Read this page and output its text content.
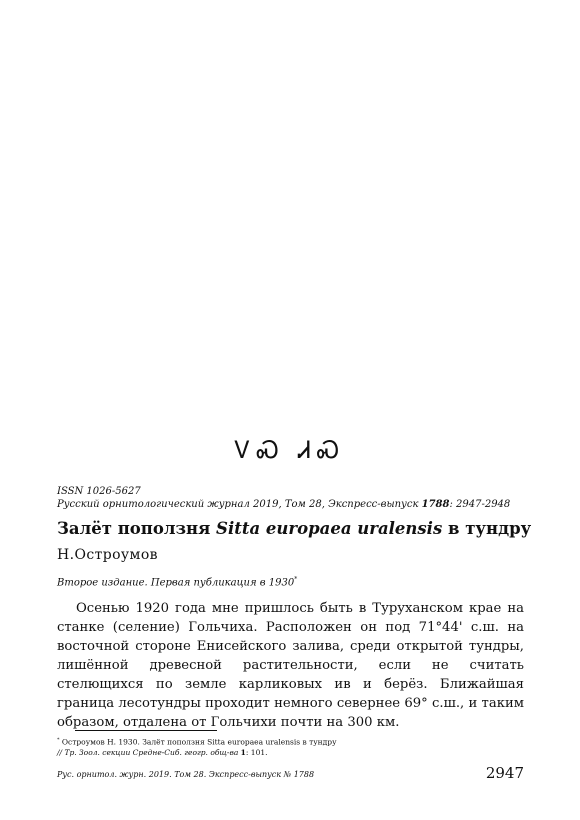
ᏙᏍ ᏗᏍ
ISSN 1026-5627
Русский орнитологический журнал 2019, Том 28, Экспресс-выпуск 1788: 2947-2948
Залёт поползня Sitta europaea uralensis в тундру
Н.Остроумов
Второе издание. Первая публикация в 1930*

Осенью 1920 года мне пришлось быть в Туруханском крае на станке (селение) Гольчиха. Расположен он под 71°44' с.ш. на восточной стороне Енисейского залива, среди открытой тундры, лишённой древесной растительности, если не считать стелющихся по земле карликовых ив и берёз. Ближайшая граница лесотундры проходит немного севернее 69° с.ш., и таким образом, отдалена от Гольчихи почти на 300 км.

* Остроумов Н. 1930. Залёт поползня Sitta europaea uralensis в тундру
// Тр. Зоол. секции Средне-Сиб. геогр. общ-ва 1: 101.
Рус. орнитол. журн. 2019. Том 28. Экспресс-выпуск № 1788	2947
